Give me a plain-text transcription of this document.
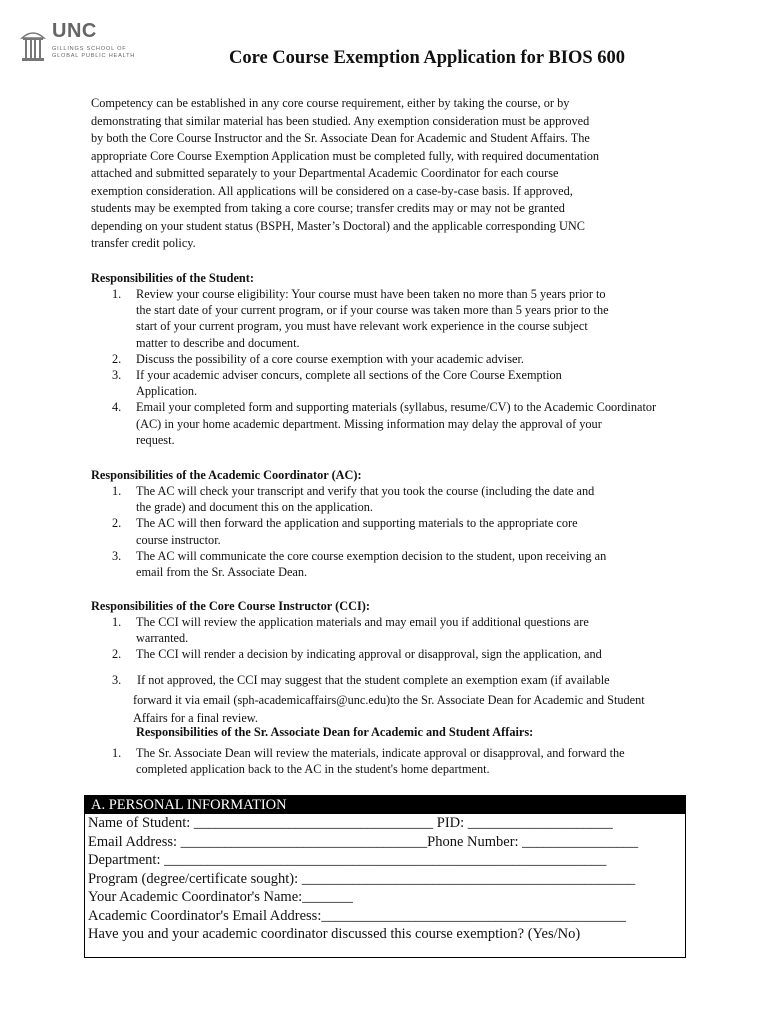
UNC
GILLINGS SCHOOL OF
GLOBAL PUBLIC HEALTH	Core Course Exemption Application for BIOS 600
Competency can be established in any core course requirement, either by taking the course, or by
demonstrating that similar material has been studied. Any exemption consideration must be approved
by both the Core Course Instructor and the Sr. Associate Dean for Academic and Student Affairs. The
appropriate Core Course Exemption Application must be completed fully, with required documentation
attached and submitted separately to your Departmental Academic Coordinator for each course
exemption consideration. All applications will be considered on a case-by-case basis. If approved,
students may be exempted from taking a core course; transfer credits may or may not be granted
depending on your student status (BSPH, Master’s Doctoral) and the applicable corresponding UNC
transfer credit policy.
Responsibilities of the Student:
1. Review your course eligibility: Your course must have been taken no more than 5 years prior to
the start date of your current program, or if your course was taken more than 5 years prior to the
start of your current program, you must have relevant work experience in the course subject
matter to describe and document.
2. Discuss the possibility of a core course exemption with your academic adviser.
3. If your academic adviser concurs, complete all sections of the Core Course Exemption
Application.
4. Email your completed form and supporting materials (syllabus, resume/CV) to the Academic Coordinator
(AC) in your home academic department. Missing information may delay the approval of your
request.
Responsibilities of the Academic Coordinator (AC):
1. The AC will check your transcript and verify that you took the course (including the date and
the grade) and document this on the application.
2. The AC will then forward the application and supporting materials to the appropriate core
course instructor.
3. The AC will communicate the core course exemption decision to the student, upon receiving an
email from the Sr. Associate Dean.
Responsibilities of the Core Course Instructor (CCI):
1. The CCI will review the application materials and may email you if additional questions are
warranted.
2. The CCI will render a decision by indicating approval or disapproval, sign the application, and
3. If not approved, the CCI may suggest that the student complete an exemption exam (if available
forward it via email (sph-academicaffairs@unc.edu)to the Sr. Associate Dean for Academic and Student
Affairs for a final review.
Responsibilities of the Sr. Associate Dean for Academic and Student Affairs:
1. The Sr. Associate Dean will review the materials, indicate approval or disapproval, and forward the
completed application back to the AC in the student's home department.
A. PERSONAL INFORMATION
Name of Student: _________________________________ PID: ____________________
Email Address: __________________________________Phone Number: ________________
Department: _____________________________________________________________
Program (degree/certificate sought): ______________________________________________
Your Academic Coordinator's Name:_______
Academic Coordinator's Email Address:__________________________________________
Have you and your academic coordinator discussed this course exemption? (Yes/No)
